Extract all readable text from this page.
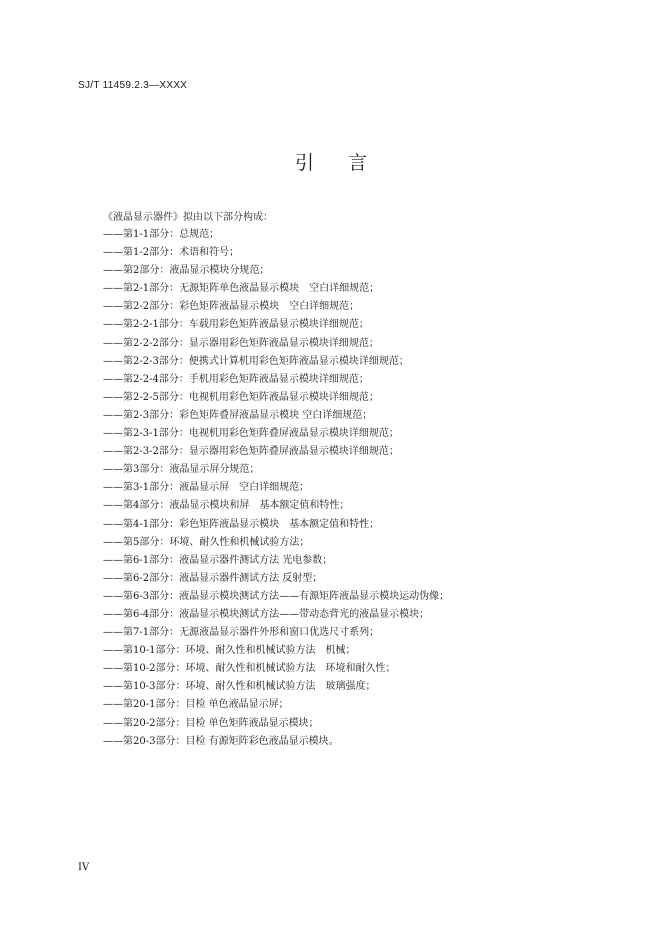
SJ/T 11459.2.3—XXXX
引言
《液晶显示器件》拟由以下部分构成：
——第1-1部分：总规范；
——第1-2部分：术语和符号；
——第2部分：液晶显示模块分规范；
——第2-1部分：无源矩阵单色液晶显示模块　空白详细规范；
——第2-2部分：彩色矩阵液晶显示模块　空白详细规范；
——第2-2-1部分：车载用彩色矩阵液晶显示模块详细规范；
——第2-2-2部分：显示器用彩色矩阵液晶显示模块详细规范；
——第2-2-3部分：便携式计算机用彩色矩阵液晶显示模块详细规范；
——第2-2-4部分：手机用彩色矩阵液晶显示模块详细规范；
——第2-2-5部分：电视机用彩色矩阵液晶显示模块详细规范；
——第2-3部分：彩色矩阵叠屏液晶显示模块 空白详细规范；
——第2-3-1部分：电视机用彩色矩阵叠屏液晶显示模块详细规范；
——第2-3-2部分：显示器用彩色矩阵叠屏液晶显示模块详细规范；
——第3部分：液晶显示屏分规范；
——第3-1部分：液晶显示屏　空白详细规范；
——第4部分：液晶显示模块和屏　基本额定值和特性；
——第4-1部分：彩色矩阵液晶显示模块　基本额定值和特性；
——第5部分：环境、耐久性和机械试验方法；
——第6-1部分：液晶显示器件测试方法 光电参数；
——第6-2部分：液晶显示器件测试方法 反射型；
——第6-3部分：液晶显示模块测试方法——有源矩阵液晶显示模块运动伪像；
——第6-4部分：液晶显示模块测试方法——带动态背光的液晶显示模块；
——第7-1部分：无源液晶显示器件外形和窗口优选尺寸系列；
——第10-1部分：环境、耐久性和机械试验方法　机械；
——第10-2部分：环境、耐久性和机械试验方法　环境和耐久性；
——第10-3部分：环境、耐久性和机械试验方法　玻璃强度；
——第20-1部分：目检 单色液晶显示屏；
——第20-2部分：目检 单色矩阵液晶显示模块；
——第20-3部分：目检 有源矩阵彩色液晶显示模块。
IV
